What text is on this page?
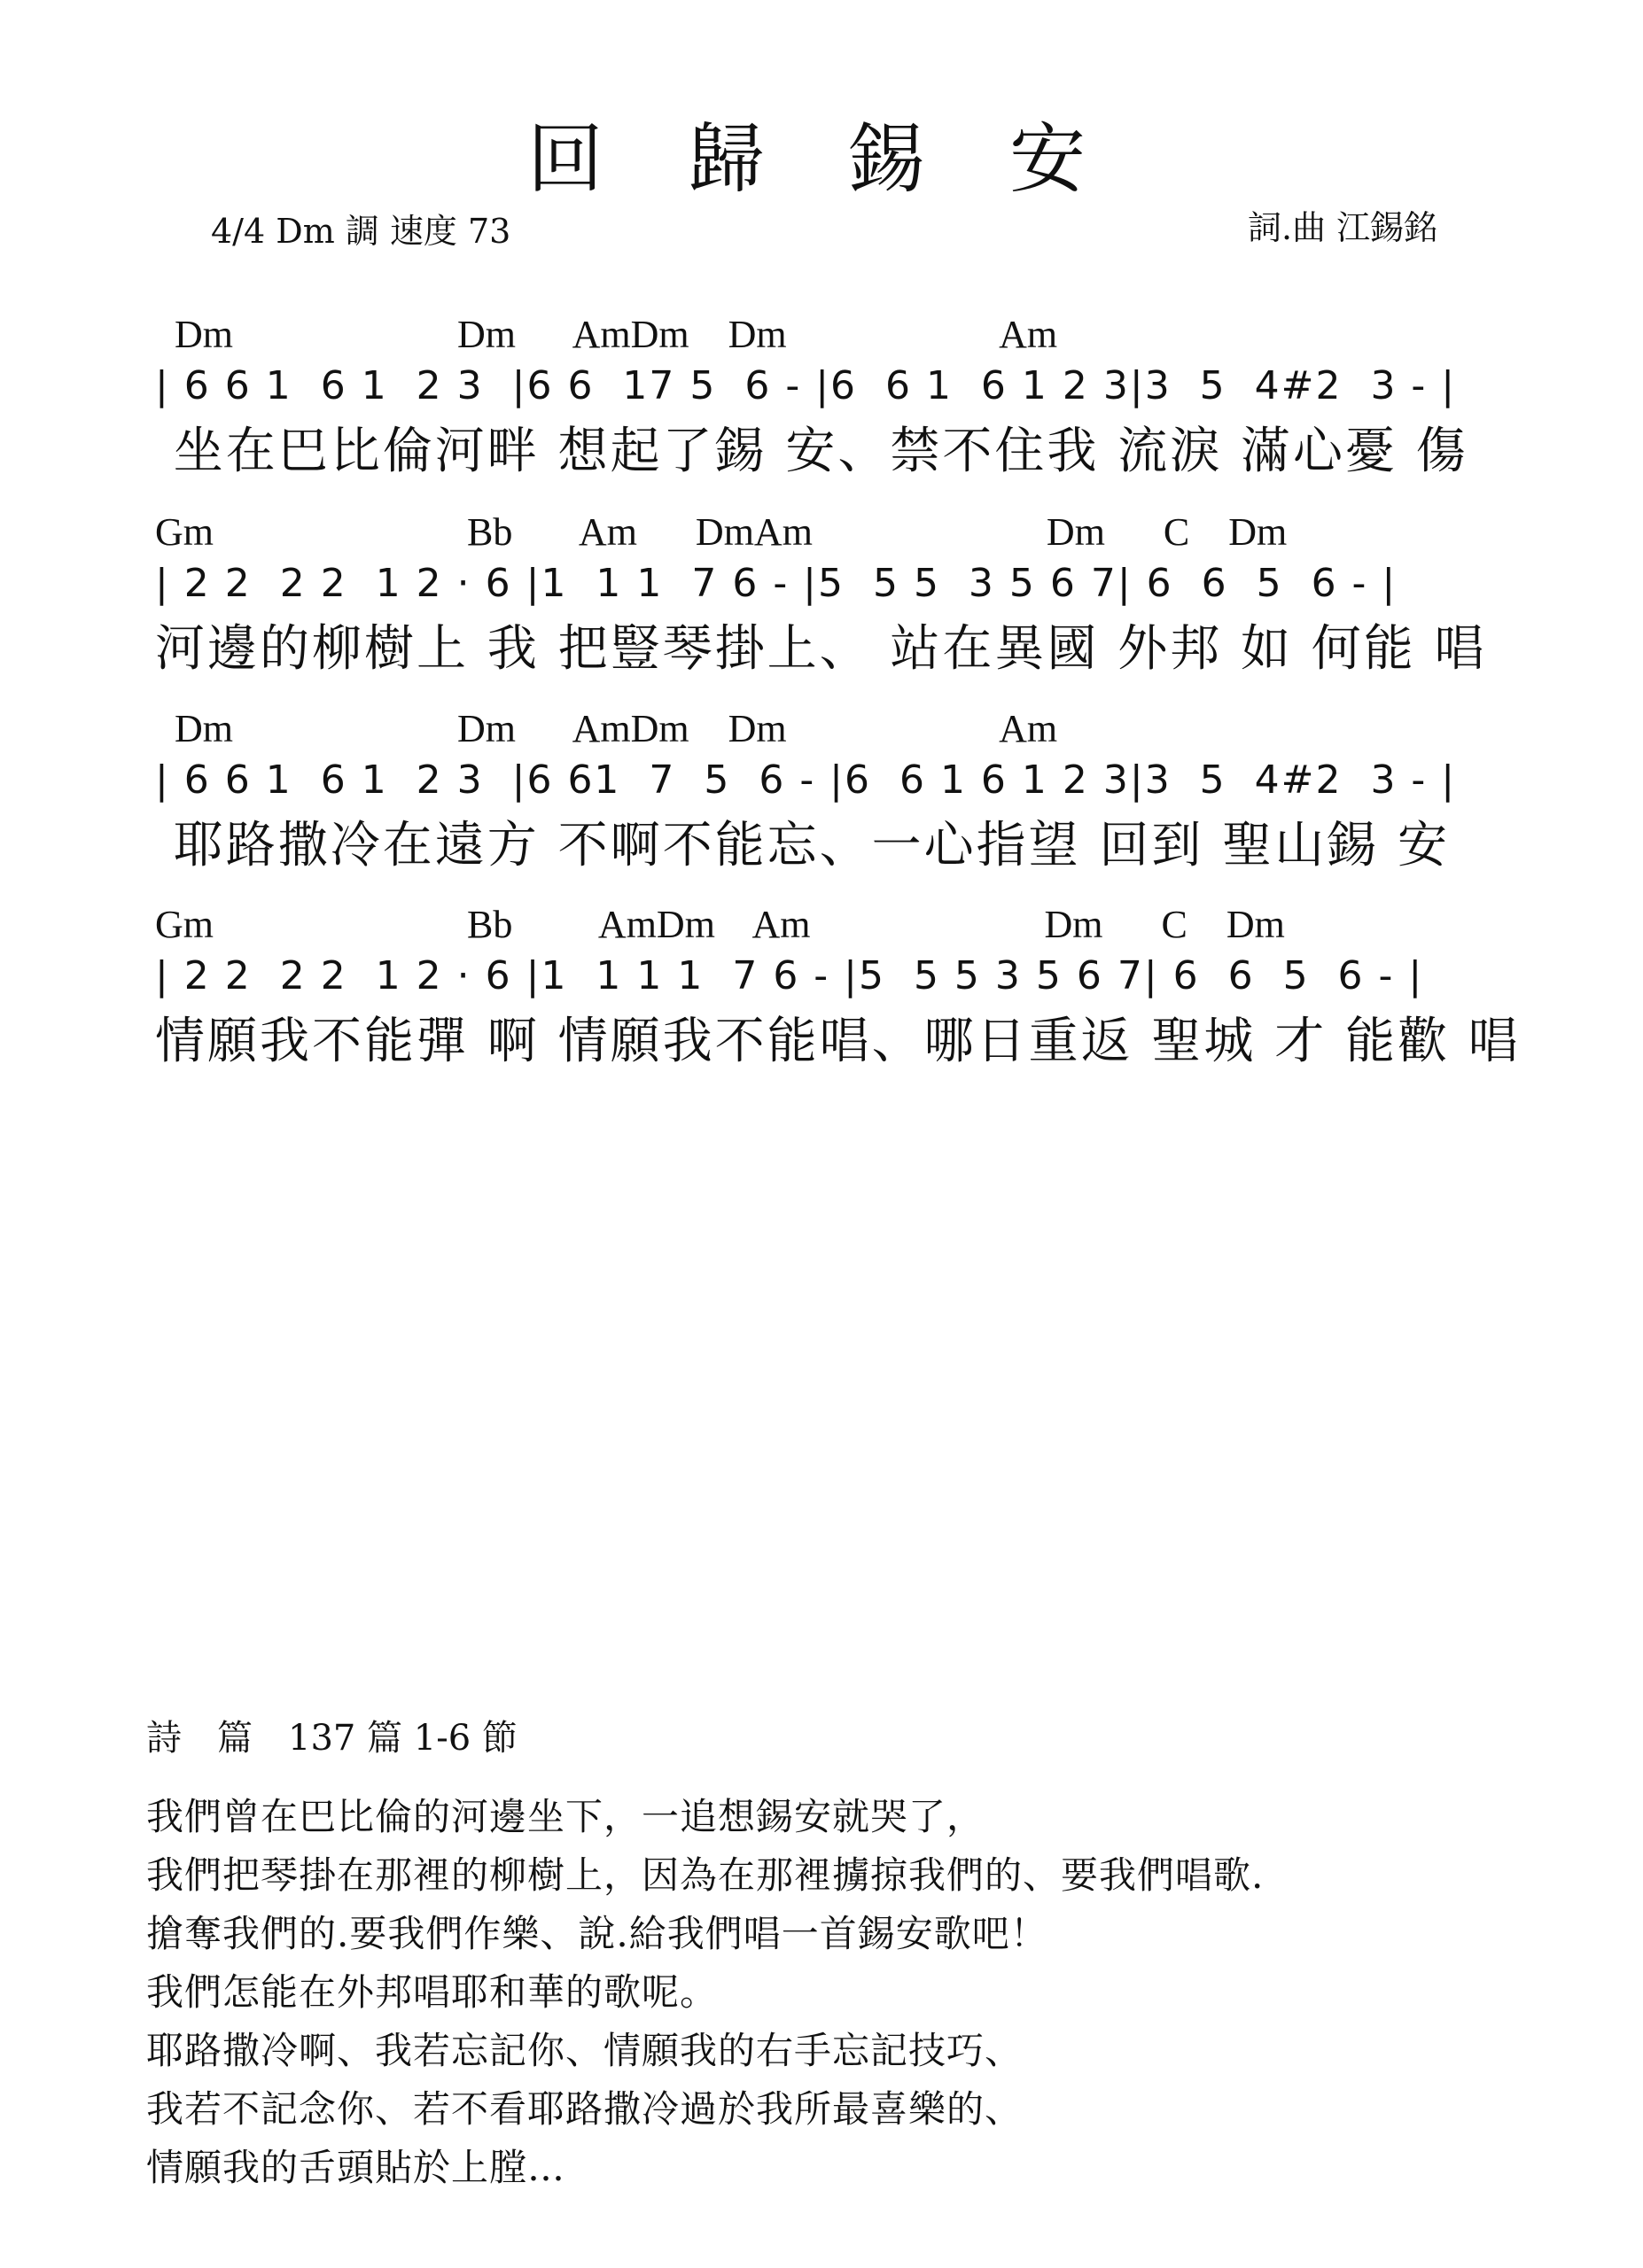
回 歸 錫 安
4/4 Dm 調 速度 73	詞.曲 江錫銘
Dm                       Dm      AmDm    Dm                      Am
| 6 6 1  6 1  2 3  |6 6  17 5  6 - |6  6 1  6 1 2 3|3  5  4#2  3 - |
坐在巴比倫河畔 想起了錫 安、禁不住我 流淚 滿心憂 傷
Gm                          Bb       Am      DmAm                        Dm      C    Dm
| 2 2  2 2  1 2 · 6 |1  1 1  7 6 - |5  5 5  3 5 6 7| 6  6  5  6 - |
河邊的柳樹上 我 把豎琴掛上、 站在異國 外邦 如 何能 唱
Dm                       Dm      AmDm    Dm                      Am
| 6 6 1  6 1  2 3  |6 61  7  5  6 - |6  6 1 6 1 2 3|3  5  4#2  3 - |
耶路撒冷在遠方 不啊不能忘、一心指望 回到 聖山錫 安
Gm                          Bb         AmDm    Am                        Dm      C    Dm
| 2 2  2 2  1 2 · 6 |1  1 1 1  7 6 - |5  5 5 3 5 6 7| 6  6  5  6 - |
情願我不能彈 啊 情願我不能唱、哪日重返 聖城 才 能歡 唱
詩　篇　137 篇 1-6 節
我們曾在巴比倫的河邊坐下，一追想錫安就哭了，
我們把琴掛在那裡的柳樹上，因為在那裡擄掠我們的、要我們唱歌.
搶奪我們的.要我們作樂、說.給我們唱一首錫安歌吧！
我們怎能在外邦唱耶和華的歌呢。
耶路撒冷啊、我若忘記你、情願我的右手忘記技巧、
我若不記念你、若不看耶路撒冷過於我所最喜樂的、
情願我的舌頭貼於上膛…
